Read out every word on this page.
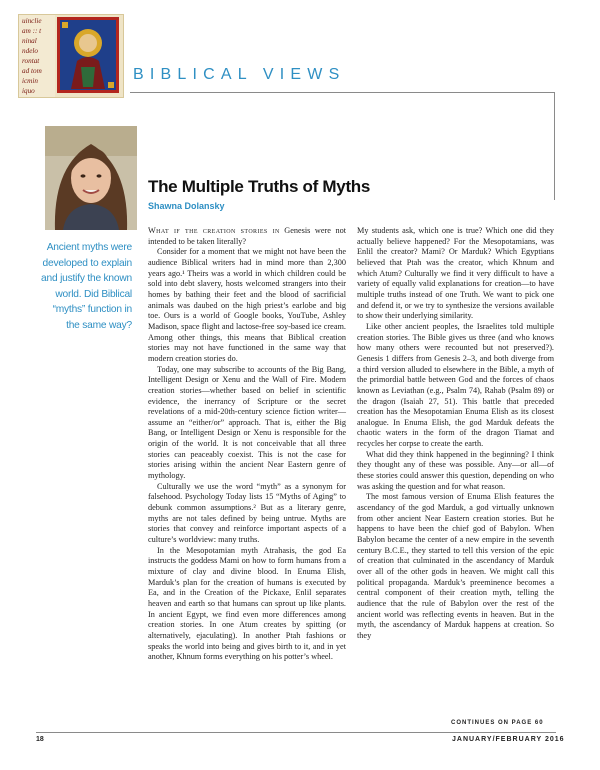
uinclie
am :: t
ninal
ndelo
rontat
ad tom
icmin
iquo
BIBLICAL VIEWS
Ancient myths were developed to explain and justify the known world. Did Biblical “myths” function in the same way?
The Multiple Truths of Myths
Shawna Dolansky

What if the creation stories in Genesis were not intended to be taken literally?

Consider for a moment that we might not have been the audience Biblical writers had in mind more than 2,300 years ago.¹ Theirs was a world in which children could be sold into debt slavery, hosts welcomed strangers into their homes by bathing their feet and the blood of sacrificial animals was daubed on the high priest’s earlobe and big toe. Ours is a world of Google books, YouTube, Ashley Madison, space flight and lactose-free soy-based ice cream. Among other things, this means that Biblical creation stories may not have functioned in the same way that modern creation stories do.

Today, one may subscribe to accounts of the Big Bang, Intelligent Design or Xenu and the Wall of Fire. Modern creation stories—whether based on belief in scientific evidence, the inerrancy of Scripture or the secret revelations of a mid-20th-century science fiction writer—assume an “either/or” approach. That is, either the Big Bang, or Intelligent Design or Xenu is responsible for the origin of the world. It is not conceivable that all three stories can peaceably coexist. This is not the case for stories arising within the ancient Near Eastern genre of mythology.

Culturally we use the word “myth” as a synonym for falsehood. Psychology Today lists 15 “Myths of Aging” to debunk common assumptions.² But as a literary genre, myths are not tales defined by being untrue. Myths are stories that convey and reinforce important aspects of a culture’s worldview: many truths.

In the Mesopotamian myth Atrahasis, the god Ea instructs the goddess Mami on how to form humans from a mixture of clay and divine blood. In Enuma Elish, Marduk’s plan for the creation of humans is executed by Ea, and in the Creation of the Pickaxe, Enlil separates heaven and earth so that humans can sprout up like plants. In ancient Egypt, we find even more differences among creation stories. In one Atum creates by spitting (or alternatively, ejaculating). In another Ptah fashions or speaks the world into being and gives birth to it, and in yet another, Khnum forms everything on his potter’s wheel.

My students ask, which one is true? Which one did they actually believe happened? For the Mesopotamians, was Enlil the creator? Mami? Or Marduk? Which Egyptians believed that Ptah was the creator, which Khnum and which Atum? Culturally we find it very difficult to have a variety of equally valid explanations for creation—to have multiple truths instead of one Truth. We want to pick one and defend it, or we try to synthesize the versions available to show their underlying similarity.

Like other ancient peoples, the Israelites told multiple creation stories. The Bible gives us three (and who knows how many others were recounted but not preserved?). Genesis 1 differs from Genesis 2–3, and both diverge from a third version alluded to elsewhere in the Bible, a myth of the primordial battle between God and the forces of chaos known as Leviathan (e.g., Psalm 74), Rahab (Psalm 89) or the dragon (Isaiah 27, 51). This battle that preceded creation has the Mesopotamian Enuma Elish as its closest analogue. In Enuma Elish, the god Marduk defeats the chaotic waters in the form of the dragon Tiamat and recycles her corpse to create the earth.

What did they think happened in the beginning? I think they thought any of these was possible. Any—or all—of these stories could answer this question, depending on who was asking the question and for what reason.

The most famous version of Enuma Elish features the ascendancy of the god Marduk, a god virtually unknown from other ancient Near Eastern creation stories. But he happens to have been the chief god of Babylon. When Babylon became the center of a new empire in the seventh century B.C.E., they started to tell this version of the epic of creation that culminated in the ascendancy of Marduk over all of the other gods in heaven. We might call this political propaganda. Marduk’s preeminence becomes a central component of their creation myth, telling the audience that the rule of Babylon over the rest of the ancient world was reflecting events in heaven. But in the myth, the ascendancy of Marduk happens at creation. So they

CONTINUES ON PAGE 60
18	JANUARY/FEBRUARY 2016
